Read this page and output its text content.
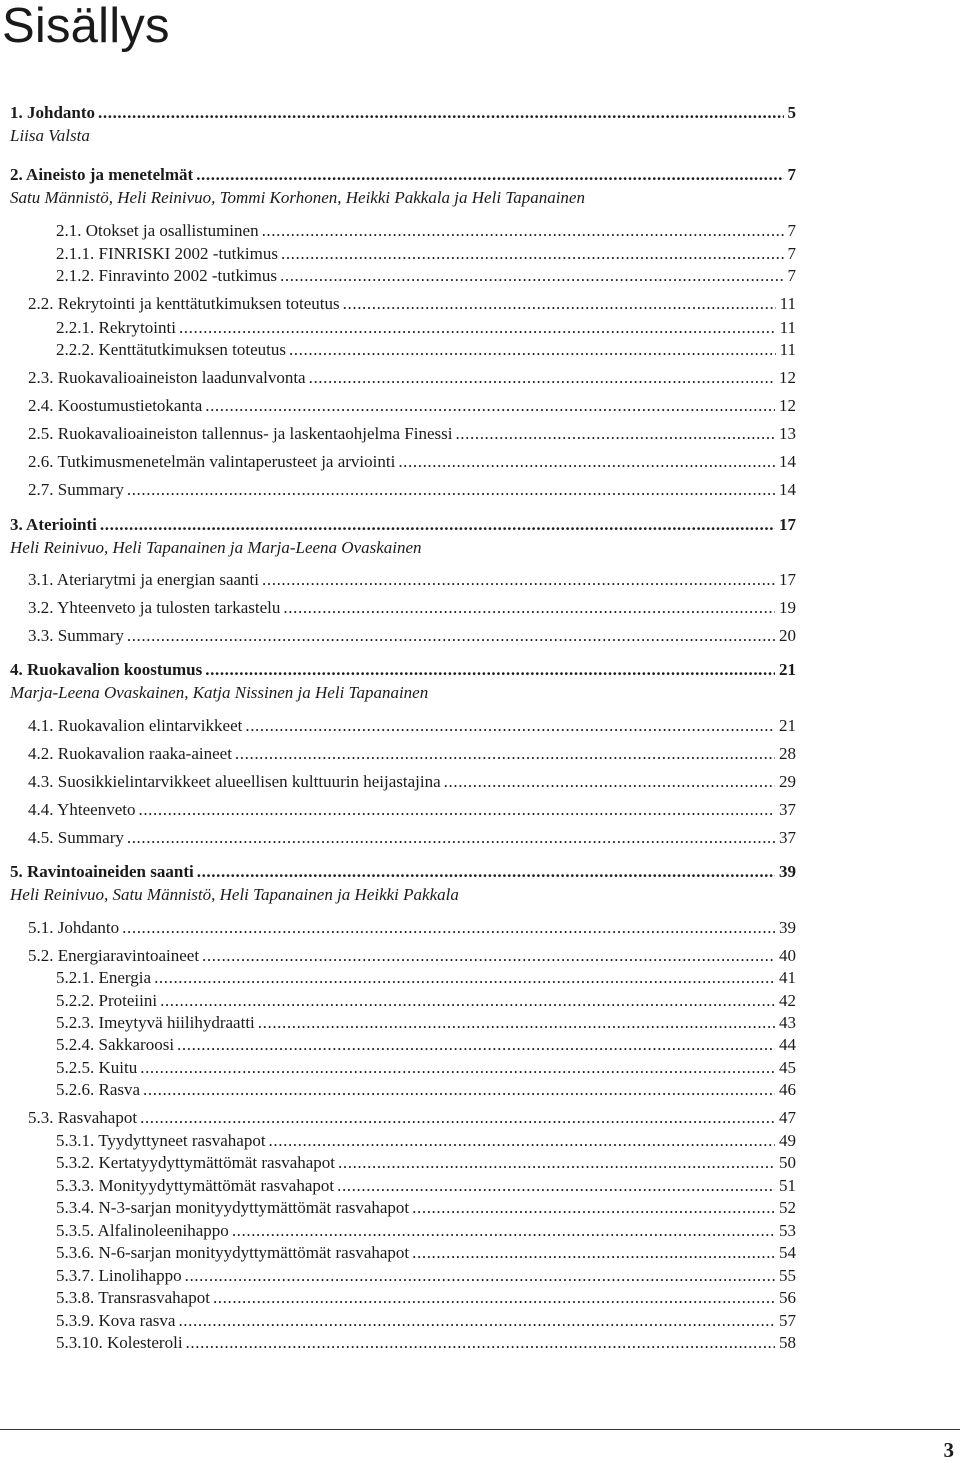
Sisällys
1. Johdanto .....	5
Liisa Valsta
2. Aineisto ja menetelmät .....	7
Satu Männistö, Heli Reinivuo, Tommi Korhonen, Heikki Pakkala ja Heli Tapanainen
2.1. Otokset ja osallistuminen .....	7
2.1.1. FINRISKI 2002 -tutkimus .....	7
2.1.2. Finravinto 2002 -tutkimus .....	7
2.2. Rekrytointi ja kenttätutkimuksen toteutus .....	11
2.2.1. Rekrytointi .....	11
2.2.2. Kenttätutkimuksen toteutus .....	11
2.3. Ruokavalioaineiston laadunvalvonta .....	12
2.4. Koostumustietokanta .....	12
2.5. Ruokavalioaineiston tallennus- ja laskentaohjelma Finessi .....	13
2.6. Tutkimusmenetelmän valintaperusteet ja arviointi .....	14
2.7. Summary .....	14
3. Ateriointi .....	17
Heli Reinivuo, Heli Tapanainen ja Marja-Leena Ovaskainen
3.1. Ateriarytmi ja energian saanti .....	17
3.2. Yhteenveto ja tulosten tarkastelu .....	19
3.3. Summary .....	20
4. Ruokavalion koostumus .....	21
Marja-Leena Ovaskainen, Katja Nissinen ja Heli Tapanainen
4.1. Ruokavalion elintarvikkeet .....	21
4.2. Ruokavalion raaka-aineet .....	28
4.3. Suosikkielintarvikkeet alueellisen kulttuurin heijastajina .....	29
4.4. Yhteenveto .....	37
4.5. Summary .....	37
5. Ravintoaineiden saanti .....	39
Heli Reinivuo, Satu Männistö, Heli Tapanainen ja Heikki Pakkala
5.1. Johdanto .....	39
5.2. Energiaravintoaineet .....	40
5.2.1. Energia .....	41
5.2.2. Proteiini .....	42
5.2.3. Imeytyvä hiilihydraatti .....	43
5.2.4. Sakkaroosi .....	44
5.2.5. Kuitu .....	45
5.2.6. Rasva .....	46
5.3. Rasvahapot .....	47
5.3.1. Tyydyttyneet rasvahapot .....	49
5.3.2. Kertatyydyttymättömät rasvahapot .....	50
5.3.3. Monityydyttymättömät rasvahapot .....	51
5.3.4. N-3-sarjan monityydyttymättömät rasvahapot .....	52
5.3.5. Alfalinoleenihappo .....	53
5.3.6. N-6-sarjan monityydyttymättömät rasvahapot .....	54
5.3.7. Linolihappo .....	55
5.3.8. Transrasvahapot .....	56
5.3.9. Kova rasva .....	57
5.3.10. Kolesteroli .....	58
3
